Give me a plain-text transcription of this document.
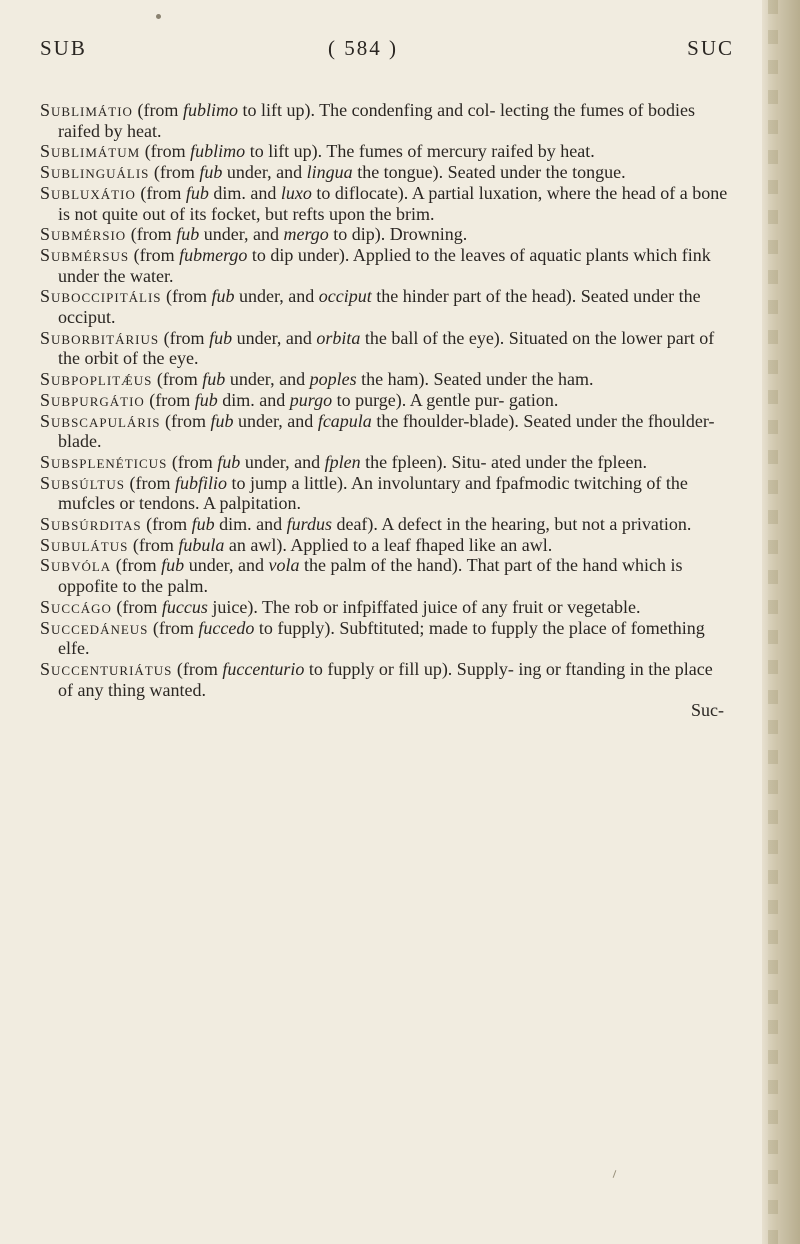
SUB	( 584 )	SUC

Sublimátio (from fublimo to lift up). The condenfing and col- lecting the fumes of bodies raifed by heat.

Sublimátum (from fublimo to lift up). The fumes of mercury raifed by heat.

Sublinguális (from fub under, and lingua the tongue). Seated under the tongue.

Subluxátio (from fub dim. and luxo to diflocate). A partial luxation, where the head of a bone is not quite out of its focket, but refts upon the brim.

Submérsio (from fub under, and mergo to dip). Drowning.

Submérsus (from fubmergo to dip under). Applied to the leaves of aquatic plants which fink under the water.

Suboccipitális (from fub under, and occiput the hinder part of the head). Seated under the occiput.

Suborbitárius (from fub under, and orbita the ball of the eye). Situated on the lower part of the orbit of the eye.

Subpoplitǽus (from fub under, and poples the ham). Seated under the ham.

Subpurgátio (from fub dim. and purgo to purge). A gentle pur- gation.

Subscapuláris (from fub under, and fcapula the fhoulder-blade). Seated under the fhoulder-blade.

Subsplenéticus (from fub under, and fplen the fpleen). Situ- ated under the fpleen.

Subsúltus (from fubfilio to jump a little). An involuntary and fpafmodic twitching of the mufcles or tendons. A palpitation.

Subsúrditas (from fub dim. and furdus deaf). A defect in the hearing, but not a privation.

Subulátus (from fubula an awl). Applied to a leaf fhaped like an awl.

Subvóla (from fub under, and vola the palm of the hand). That part of the hand which is oppofite to the palm.

Succágo (from fuccus juice). The rob or infpiffated juice of any fruit or vegetable.

Succedáneus (from fuccedo to fupply). Subftituted; made to fupply the place of fomething elfe.

Succenturiátus (from fuccenturio to fupply or fill up). Supply- ing or ftanding in the place of any thing wanted.

Suc-
